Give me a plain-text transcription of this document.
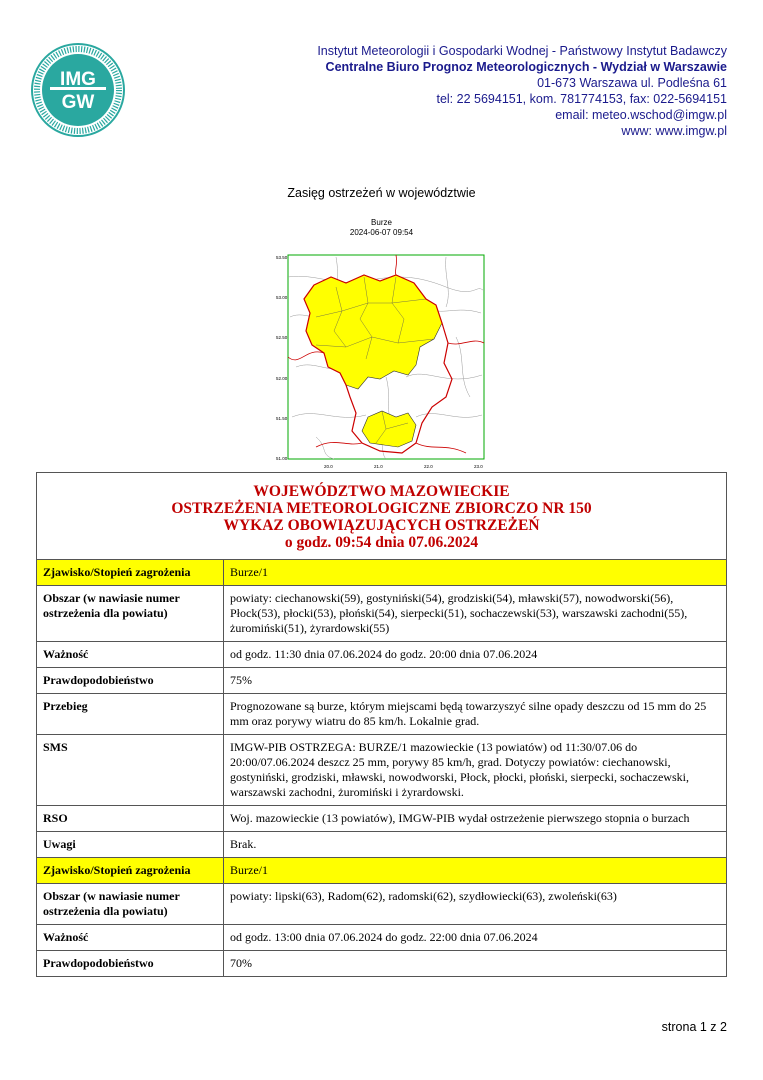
IMG
GW
Instytut Meteorologii i Gospodarki Wodnej - Państwowy Instytut Badawczy
Centralne Biuro Prognoz Meteorologicznych - Wydział w Warszawie
01-673 Warszawa ul. Podleśna 61
tel: 22 5694151, kom. 781774153, fax: 022-5694151
email: meteo.wschod@imgw.pl
www: www.imgw.pl
Zasięg ostrzeżeń w województwie
Burze
2024-06-07 09:54
53.50
53.00
52.50
52.00
51.50
51.00
20.0	21.0	22.0	23.0
WOJEWÓDZTWO MAZOWIECKIE
OSTRZEŻENIA METEOROLOGICZNE ZBIORCZO NR 150
WYKAZ OBOWIĄZUJĄCYCH OSTRZEŻEŃ
o godz. 09:54 dnia 07.06.2024	

Zjawisko/Stopień zagrożenia	Burze/1
Obszar (w nawiasie numer ostrzeżenia dla powiatu)	powiaty: ciechanowski(59), gostyniński(54), grodziski(54), mławski(57), nowodworski(56), Płock(53), płocki(53), płoński(54), sierpecki(51), sochaczewski(53), warszawski zachodni(55), żuromiński(51), żyrardowski(55)
Ważność	od godz. 11:30 dnia 07.06.2024 do godz. 20:00 dnia 07.06.2024
Prawdopodobieństwo	75%
Przebieg	Prognozowane są burze, którym miejscami będą towarzyszyć silne opady deszczu od 15 mm do 25 mm oraz porywy wiatru do 85 km/h. Lokalnie grad.
SMS	IMGW-PIB OSTRZEGA: BURZE/1 mazowieckie (13 powiatów) od 11:30/07.06 do 20:00/07.06.2024 deszcz 25 mm, porywy 85 km/h, grad. Dotyczy powiatów: ciechanowski, gostyniński, grodziski, mławski, nowodworski, Płock, płocki, płoński, sierpecki, sochaczewski, warszawski zachodni, żuromiński i żyrardowski.
RSO	Woj. mazowieckie (13 powiatów), IMGW-PIB wydał ostrzeżenie pierwszego stopnia o burzach
Uwagi	Brak.
Zjawisko/Stopień zagrożenia	Burze/1
Obszar (w nawiasie numer ostrzeżenia dla powiatu)	powiaty: lipski(63), Radom(62), radomski(62), szydłowiecki(63), zwoleński(63)
Ważność	od godz. 13:00 dnia 07.06.2024 do godz. 22:00 dnia 07.06.2024
Prawdopodobieństwo	70%
strona 1 z 2
